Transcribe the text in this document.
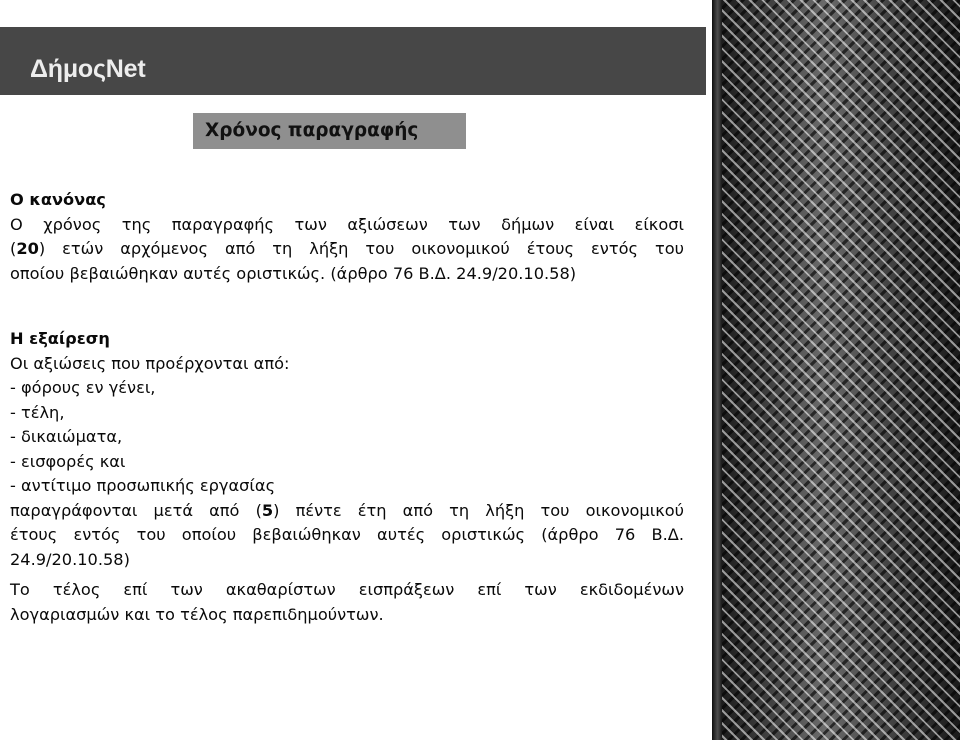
ΔήμοςNet
Χρόνος παραγραφής

Ο κανόνας

Ο χρόνος της παραγραφής των αξιώσεων των δήμων είναι είκοσι

(20) ετών αρχόμενος από τη λήξη του οικονομικού έτους εντός του

οποίου βεβαιώθηκαν αυτές οριστικώς. (άρθρο 76 Β.Δ. 24.9/20.10.58)

Η εξαίρεση

Οι αξιώσεις που προέρχονται από:

- φόρους εν γένει,

- τέλη,

- δικαιώματα,

- εισφορές και

- αντίτιμο προσωπικής εργασίας

παραγράφονται μετά από (5) πέντε έτη από τη λήξη του οικονομικού

έτους εντός του οποίου βεβαιώθηκαν αυτές οριστικώς (άρθρο 76 Β.Δ.

24.9/20.10.58)

Το τέλος επί των ακαθαρίστων εισπράξεων επί των εκδιδομένων

λογαριασμών και το τέλος παρεπιδημούντων.
